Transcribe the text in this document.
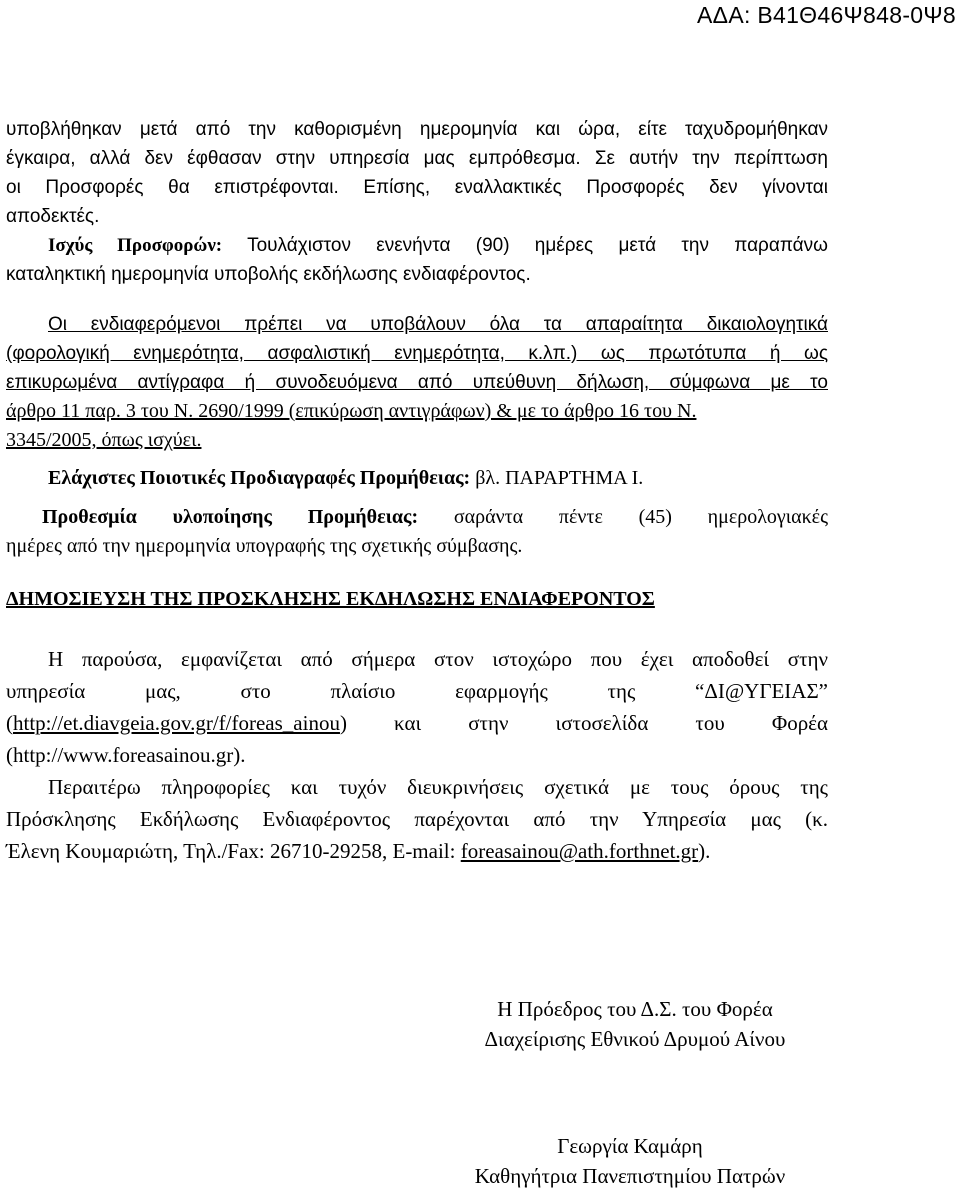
ΑΔΑ: Β41Θ46Ψ848-0Ψ8
υποβλήθηκαν μετά από την καθορισμένη ημερομηνία και ώρα, είτε ταχυδρομήθηκαν
έγκαιρα, αλλά δεν έφθασαν στην υπηρεσία μας εμπρόθεσμα. Σε αυτήν την περίπτωση
οι Προσφορές θα επιστρέφονται. Επίσης, εναλλακτικές Προσφορές δεν γίνονται
αποδεκτές.
Ισχύς Προσφορών: Τουλάχιστον ενενήντα (90) ημέρες μετά την παραπάνω
καταληκτική ημερομηνία υποβολής εκδήλωσης ενδιαφέροντος.
Οι ενδιαφερόμενοι πρέπει να υποβάλουν όλα τα απαραίτητα δικαιολογητικά
(φορολογική ενημερότητα, ασφαλιστική ενημερότητα, κ.λπ.) ως πρωτότυπα ή ως
επικυρωμένα αντίγραφα ή συνοδευόμενα από υπεύθυνη δήλωση, σύμφωνα με το
άρθρο 11 παρ. 3 του Ν. 2690/1999 (επικύρωση αντιγράφων) & με το άρθρο 16 του Ν.
3345/2005, όπως ισχύει.
Ελάχιστες Ποιοτικές Προδιαγραφές Προμήθειας: βλ. ΠΑΡΑΡΤΗΜΑ Ι.
Προθεσμία υλοποίησης Προμήθειας: σαράντα πέντε (45) ημερολογιακές
ημέρες από την ημερομηνία υπογραφής της σχετικής σύμβασης.
ΔΗΜΟΣΙΕΥΣΗ ΤΗΣ ΠΡΟΣΚΛΗΣΗΣ ΕΚΔΗΛΩΣΗΣ ΕΝΔΙΑΦΕΡΟΝΤΟΣ
Η παρούσα, εμφανίζεται από σήμερα στον ιστοχώρο που έχει αποδοθεί στην
υπηρεσία μας, στο πλαίσιο εφαρμογής της “ΔΙ@ΥΓΕΙΑΣ”
(http://et.diavgeia.gov.gr/f/foreas_ainou) και στην ιστοσελίδα του Φορέα
(http://www.foreasainou.gr).
Περαιτέρω πληροφορίες και τυχόν διευκρινήσεις σχετικά με τους όρους της
Πρόσκλησης Εκδήλωσης Ενδιαφέροντος παρέχονται από την Υπηρεσία μας (κ.
Έλενη Κουμαριώτη, Τηλ./Fax: 26710-29258, E-mail: foreasainou@ath.forthnet.gr).
Η Πρόεδρος του Δ.Σ. του Φορέα
Διαχείρισης Εθνικού Δρυμού Αίνου
Γεωργία Καμάρη
Καθηγήτρια Πανεπιστημίου Πατρών
